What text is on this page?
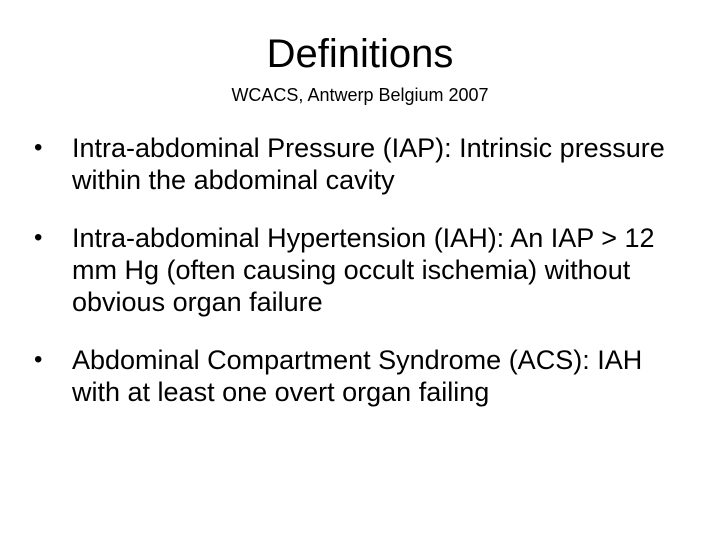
Definitions

WCACS, Antwerp Belgium 2007

• Intra-abdominal Pressure (IAP): Intrinsic pressure within the abdominal cavity
• Intra-abdominal Hypertension (IAH): An IAP > 12 mm Hg (often causing occult ischemia) without obvious organ failure
• Abdominal Compartment Syndrome (ACS): IAH with at least one overt organ failing
